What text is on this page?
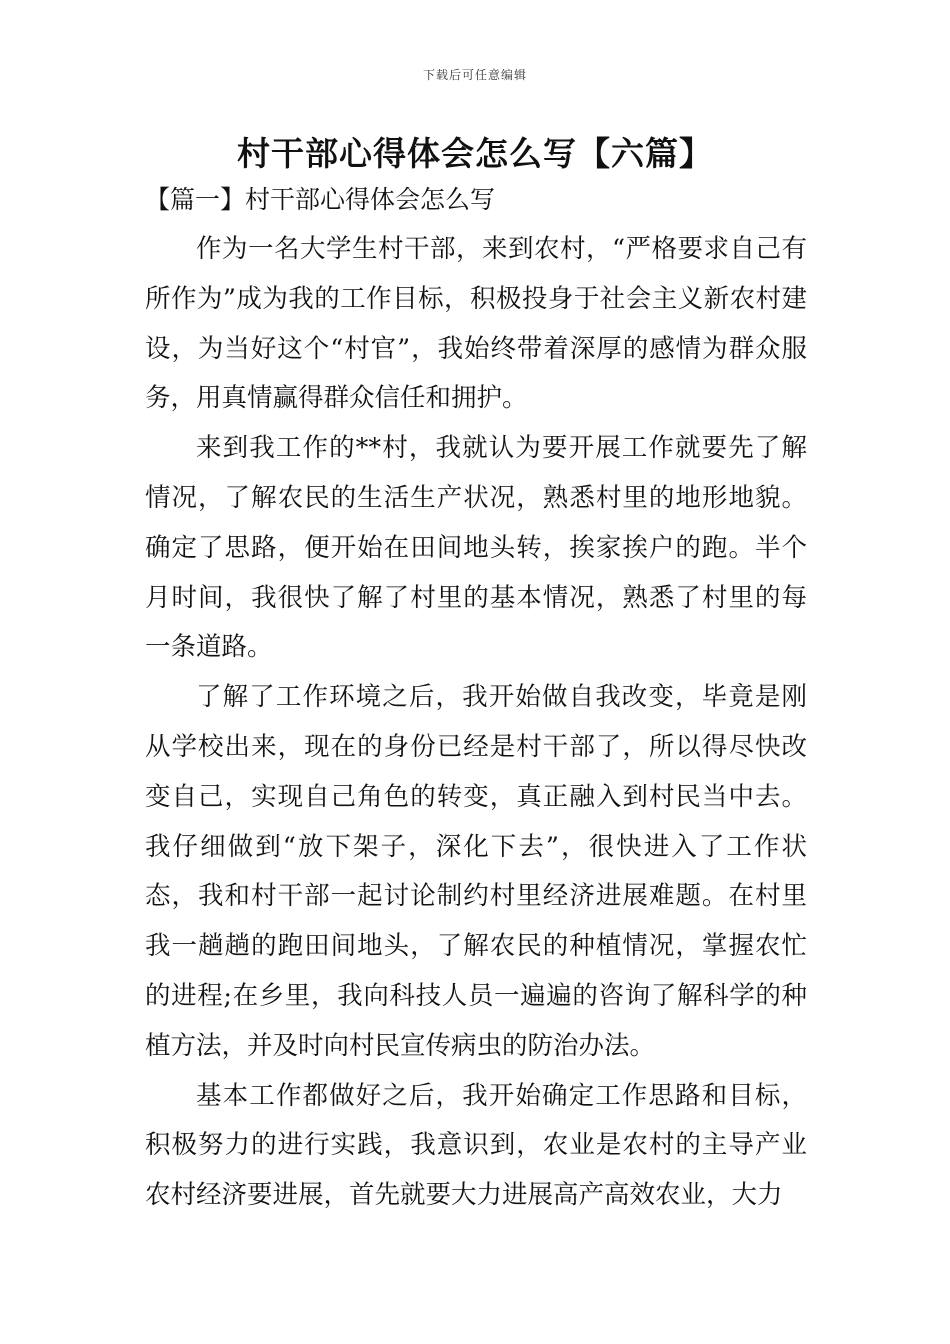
下载后可任意编辑
村干部心得体会怎么写【六篇】
【篇一】村干部心得体会怎么写

作为一名大学生村干部，来到农村，“严格要求自己有所作为”成为我的工作目标，积极投身于社会主义新农村建设，为当好这个“村官”，我始终带着深厚的感情为群众服务，用真情赢得群众信任和拥护。

来到我工作的**村，我就认为要开展工作就要先了解情况，了解农民的生活生产状况，熟悉村里的地形地貌。确定了思路，便开始在田间地头转，挨家挨户的跑。半个月时间，我很快了解了村里的基本情况，熟悉了村里的每一条道路。

了解了工作环境之后，我开始做自我改变，毕竟是刚从学校出来，现在的身份已经是村干部了，所以得尽快改变自己，实现自己角色的转变，真正融入到村民当中去。我仔细做到“放下架子，深化下去”，很快进入了工作状态，我和村干部一起讨论制约村里经济进展难题。在村里我一趟趟的跑田间地头，了解农民的种植情况，掌握农忙的进程;在乡里，我向科技人员一遍遍的咨询了解科学的种植方法，并及时向村民宣传病虫的防治办法。

基本工作都做好之后，我开始确定工作思路和目标，积极努力的进行实践，我意识到，农业是农村的主导产业农村经济要进展，首先就要大力进展高产高效农业，大力
